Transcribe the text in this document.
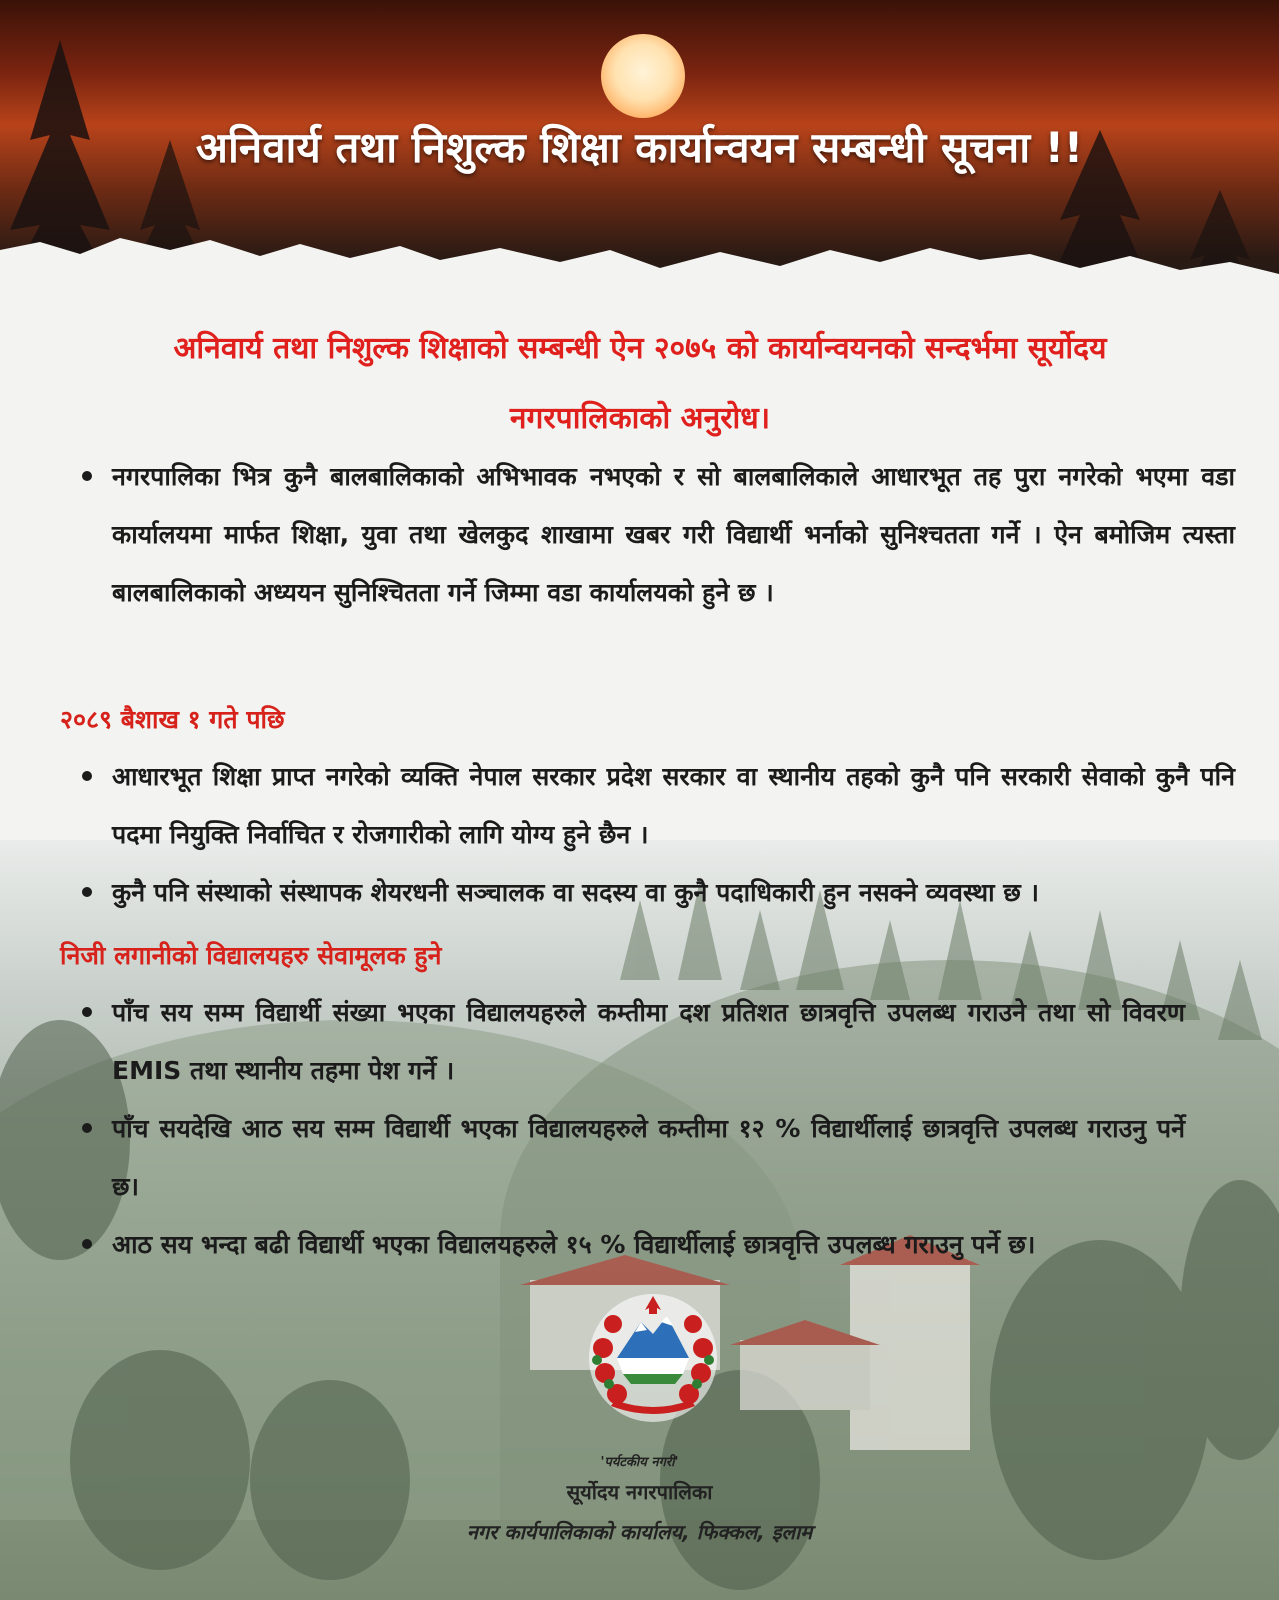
अनिवार्य तथा निशुल्क शिक्षा कार्यान्वयन सम्बन्धी सूचना !!
अनिवार्य तथा निशुल्क शिक्षाको सम्बन्धी ऐन २०७५ को कार्यान्वयनको सन्दर्भमा सूर्योदय
नगरपालिकाको अनुरोध।
नगरपालिका भित्र कुनै बालबालिकाको अभिभावक नभएको र सो बालबालिकाले आधारभूत तह पुरा नगरेको भएमा वडा कार्यालयमा मार्फत शिक्षा, युवा तथा खेलकुद शाखामा खबर गरी विद्यार्थी भर्नाको सुनिश्चतता गर्ने । ऐन बमोजिम त्यस्ता बालबालिकाको अध्ययन सुनिश्चितता गर्ने जिम्मा वडा कार्यालयको हुने छ ।
२०८९ बैशाख १ गते पछि
आधारभूत शिक्षा प्राप्त नगरेको व्यक्ति नेपाल सरकार प्रदेश सरकार वा स्थानीय तहको कुनै पनि सरकारी सेवाको कुनै पनि पदमा नियुक्ति निर्वाचित र रोजगारीको लागि योग्य हुने छैन ।
कुनै पनि संस्थाको संस्थापक शेयरधनी सञ्चालक वा सदस्य वा कुनै पदाधिकारी हुन नसक्ने व्यवस्था छ ।
निजी लगानीको विद्यालयहरु सेवामूलक हुने
पाँच सय सम्म विद्यार्थी संख्या भएका विद्यालयहरुले कम्तीमा दश प्रतिशत छात्रवृत्ति उपलब्ध गराउने तथा सो विवरण EMIS तथा स्थानीय तहमा पेश गर्ने ।
पाँच सयदेखि आठ सय सम्म विद्यार्थी भएका विद्यालयहरुले कम्तीमा १२ % विद्यार्थीलाई छात्रवृत्ति उपलब्ध गराउनु पर्ने छ।
आठ सय भन्दा बढी विद्यार्थी भएका विद्यालयहरुले १५ % विद्यार्थीलाई छात्रवृत्ति उपलब्ध गराउनु पर्ने छ।
'पर्यटकीय नगरी'
सूर्योदय नगरपालिका
नगर कार्यपालिकाको कार्यालय, फिक्कल, इलाम
